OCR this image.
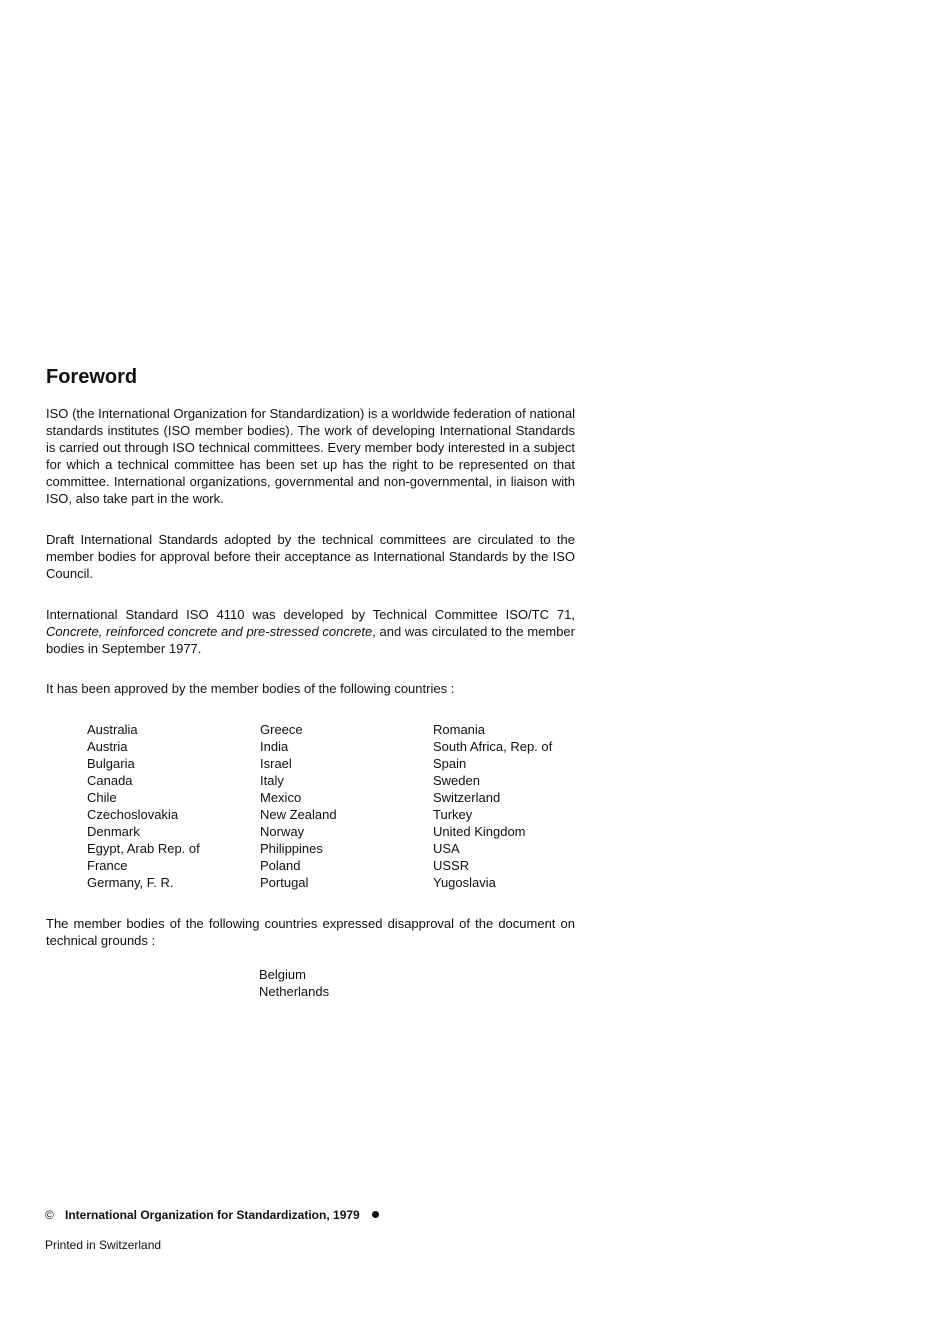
Foreword

ISO (the International Organization for Standardization) is a worldwide federation of national standards institutes (ISO member bodies). The work of developing International Standards is carried out through ISO technical committees. Every member body interested in a subject for which a technical committee has been set up has the right to be represented on that committee. International organizations, governmental and non-governmental, in liaison with ISO, also take part in the work.

Draft International Standards adopted by the technical committees are circulated to the member bodies for approval before their acceptance as International Standards by the ISO Council.

International Standard ISO 4110 was developed by Technical Committee ISO/TC 71, Concrete, reinforced concrete and pre-stressed concrete, and was circulated to the member bodies in September 1977.

It has been approved by the member bodies of the following countries :

Australia
Austria
Bulgaria
Canada
Chile
Czechoslovakia
Denmark
Egypt, Arab Rep. of
France
Germany, F. R.
Greece
India
Israel
Italy
Mexico
New Zealand
Norway
Philippines
Poland
Portugal
Romania
South Africa, Rep. of
Spain
Sweden
Switzerland
Turkey
United Kingdom
USA
USSR
Yugoslavia

The member bodies of the following countries expressed disapproval of the document on technical grounds :

Belgium
Netherlands
© International Organization for Standardization, 1979
Printed in Switzerland
